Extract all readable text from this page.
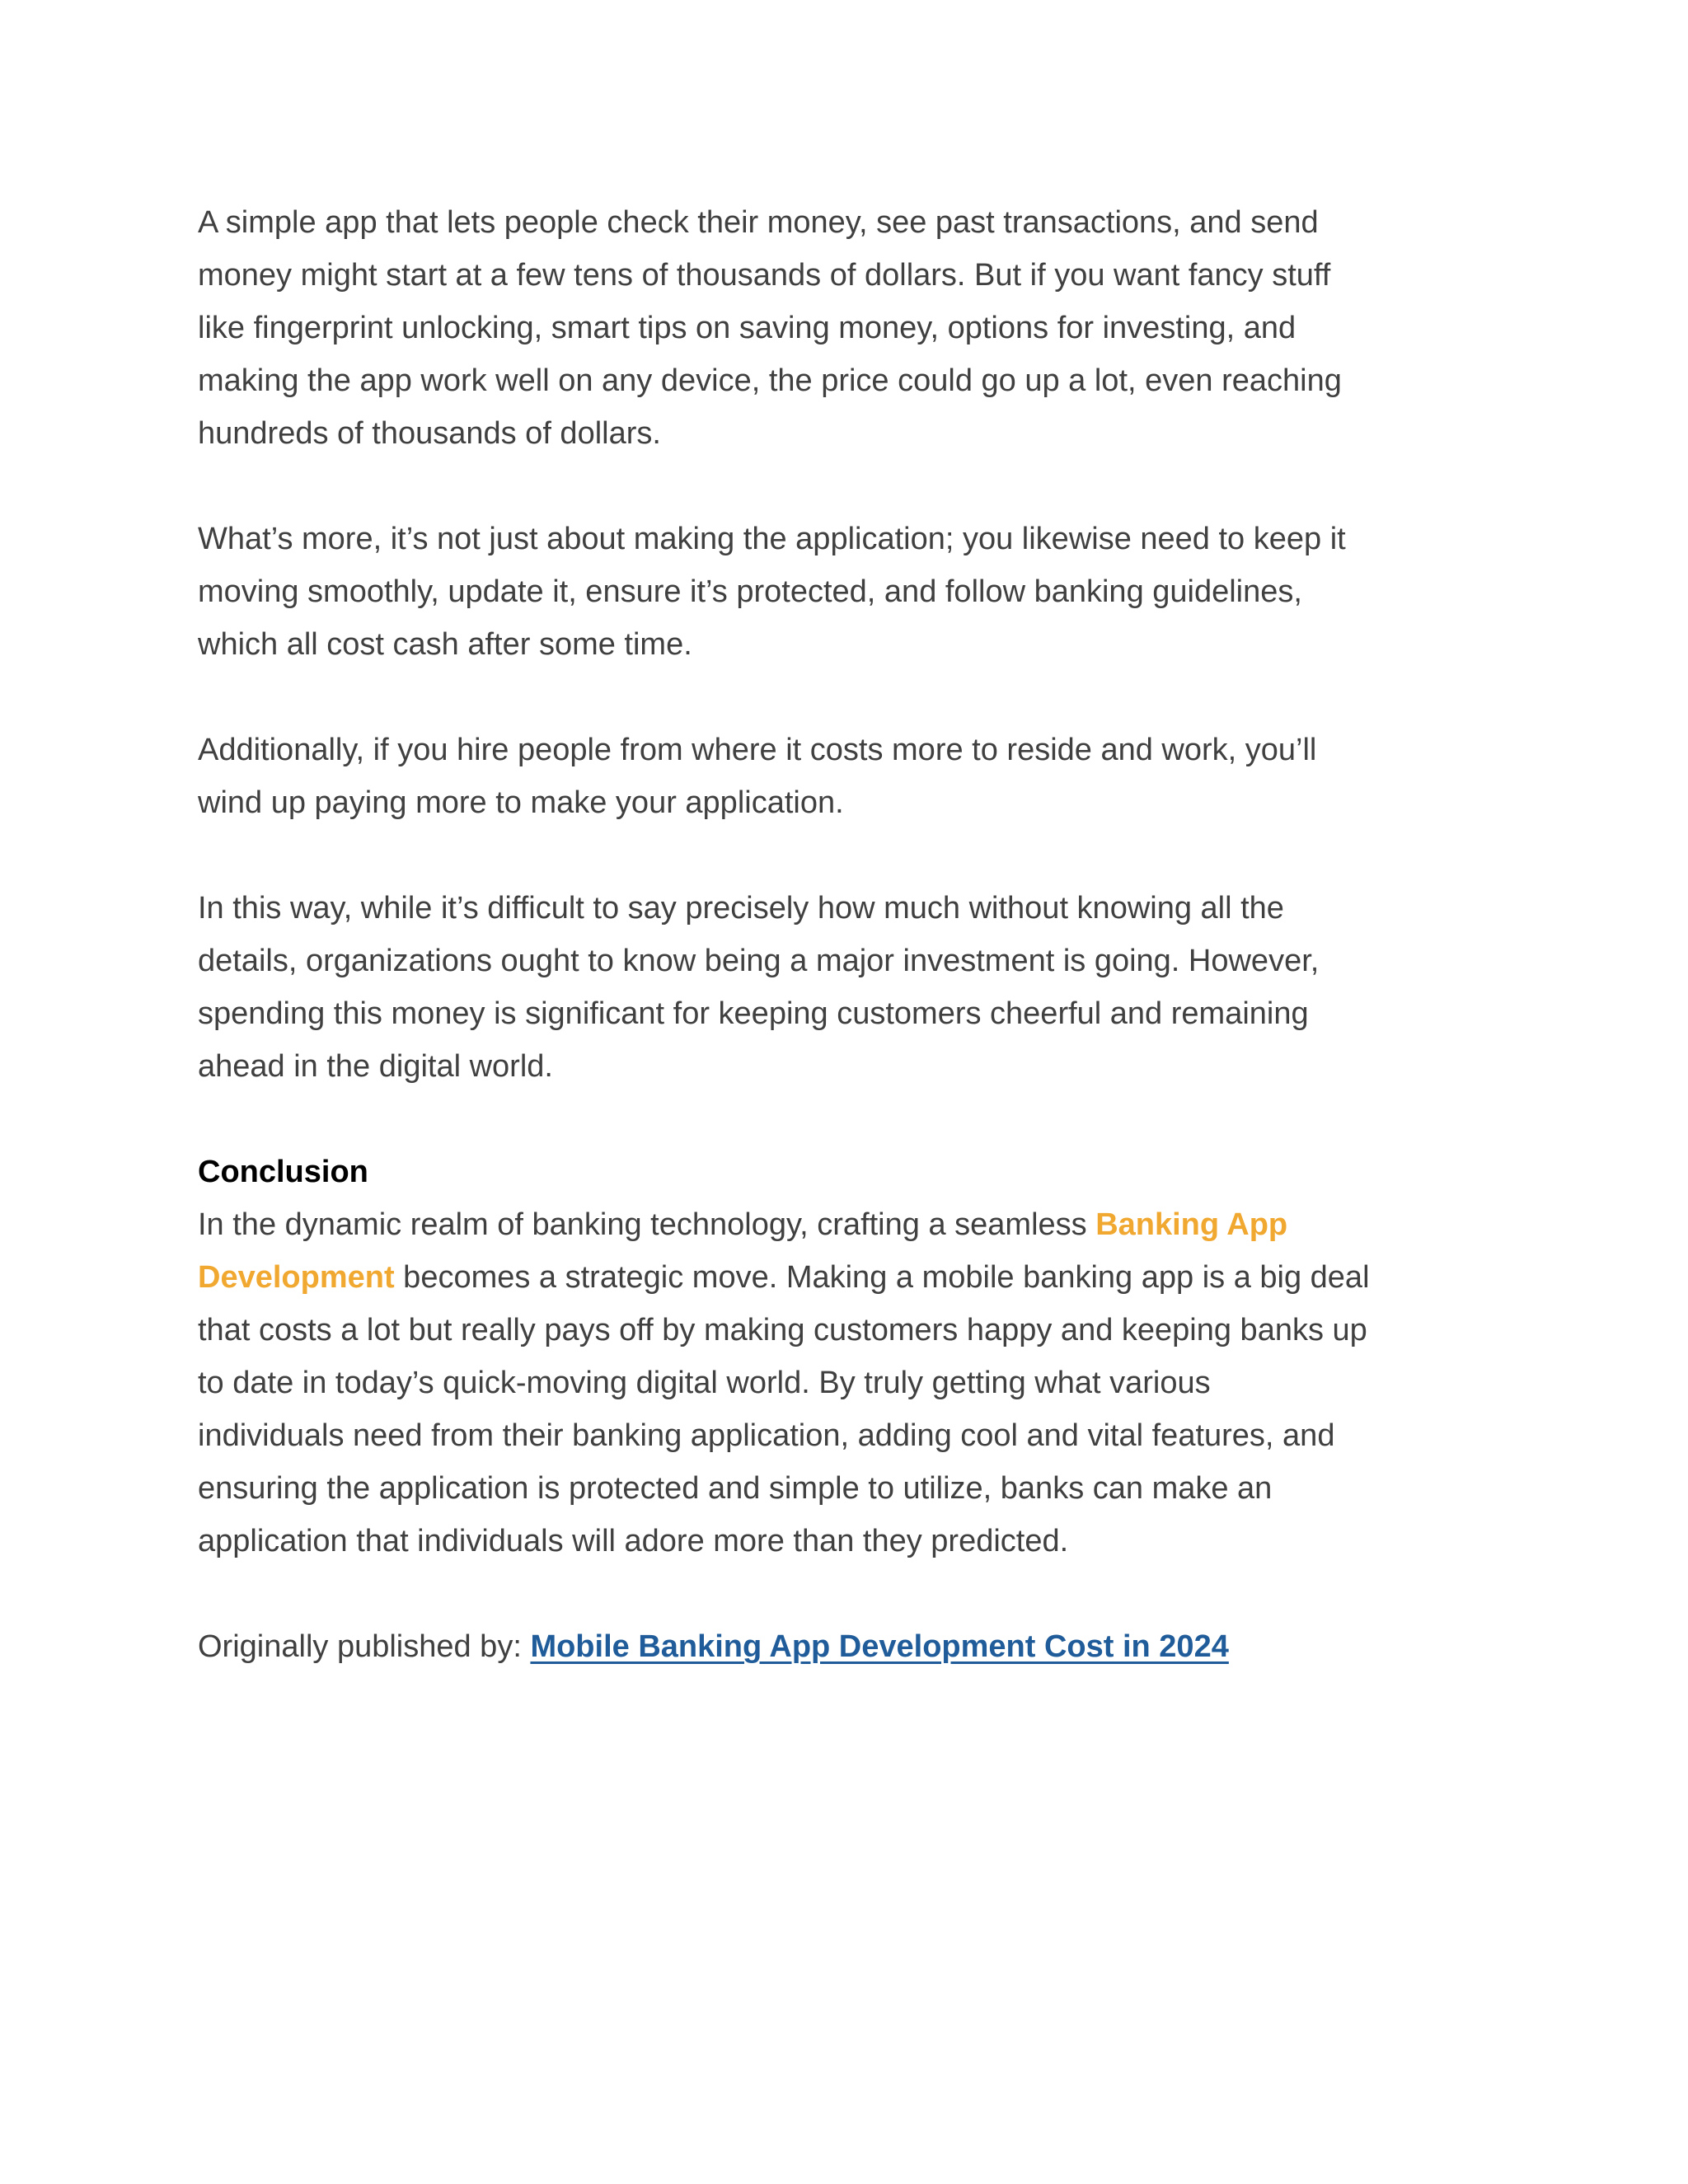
A simple app that lets people check their money, see past transactions, and send
money might start at a few tens of thousands of dollars. But if you want fancy stuff
like fingerprint unlocking, smart tips on saving money, options for investing, and
making the app work well on any device, the price could go up a lot, even reaching
hundreds of thousands of dollars.

What’s more, it’s not just about making the application; you likewise need to keep it
moving smoothly, update it, ensure it’s protected, and follow banking guidelines,
which all cost cash after some time.

Additionally, if you hire people from where it costs more to reside and work, you’ll
wind up paying more to make your application.

In this way, while it’s difficult to say precisely how much without knowing all the
details, organizations ought to know being a major investment is going. However,
spending this money is significant for keeping customers cheerful and remaining
ahead in the digital world.

Conclusion

In the dynamic realm of banking technology, crafting a seamless Banking App
Development becomes a strategic move. Making a mobile banking app is a big deal
that costs a lot but really pays off by making customers happy and keeping banks up
to date in today’s quick-moving digital world. By truly getting what various
individuals need from their banking application, adding cool and vital features, and
ensuring the application is protected and simple to utilize, banks can make an
application that individuals will adore more than they predicted.

Originally published by: Mobile Banking App Development Cost in 2024
